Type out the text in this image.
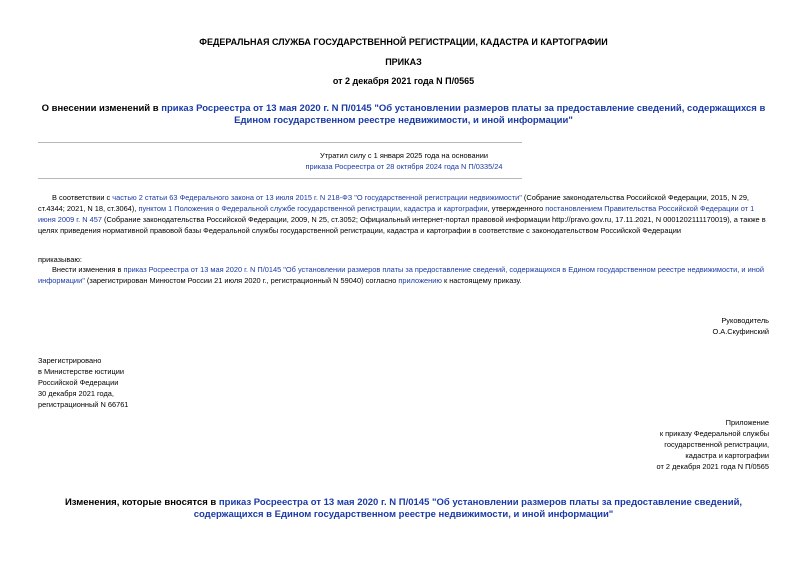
ФЕДЕРАЛЬНАЯ СЛУЖБА ГОСУДАРСТВЕННОЙ РЕГИСТРАЦИИ, КАДАСТРА И КАРТОГРАФИИ
ПРИКАЗ
от 2 декабря 2021 года N П/0565
О внесении изменений в приказ Росреестра от 13 мая 2020 г. N П/0145 "Об установлении размеров платы за предоставление сведений, содержащихся в Едином государственном реестре недвижимости, и иной информации"
Утратил силу с 1 января 2025 года на основании
приказа Росреестра от 28 октября 2024 года N П/0335/24
В соответствии с частью 2 статьи 63 Федерального закона от 13 июля 2015 г. N 218-ФЗ "О государственной регистрации недвижимости" (Собрание законодательства Российской Федерации, 2015, N 29, ст.4344; 2021, N 18, ст.3064), пунктом 1 Положения о Федеральной службе государственной регистрации, кадастра и картографии, утвержденного постановлением Правительства Российской Федерации от 1 июня 2009 г. N 457 (Собрание законодательства Российской Федерации, 2009, N 25, ст.3052; Официальный интернет-портал правовой информации http://pravo.gov.ru, 17.11.2021, N 0001202111170019), а также в целях приведения нормативной правовой базы Федеральной службы государственной регистрации, кадастра и картографии в соответствие с законодательством Российской Федерации
приказываю:
Внести изменения в приказ Росреестра от 13 мая 2020 г. N П/0145 "Об установлении размеров платы за предоставление сведений, содержащихся в Едином государственном реестре недвижимости, и иной информации" (зарегистрирован Минюстом России 21 июля 2020 г., регистрационный N 59040) согласно приложению к настоящему приказу.
Руководитель
О.А.Скуфинский
Зарегистрировано
в Министерстве юстиции
Российской Федерации
30 декабря 2021 года,
регистрационный N 66761
Приложение
к приказу Федеральной службы
государственной регистрации,
кадастра и картографии
от 2 декабря 2021 года N П/0565
Изменения, которые вносятся в приказ Росреестра от 13 мая 2020 г. N П/0145 "Об установлении размеров платы за предоставление сведений, содержащихся в Едином государственном реестре недвижимости, и иной информации"
